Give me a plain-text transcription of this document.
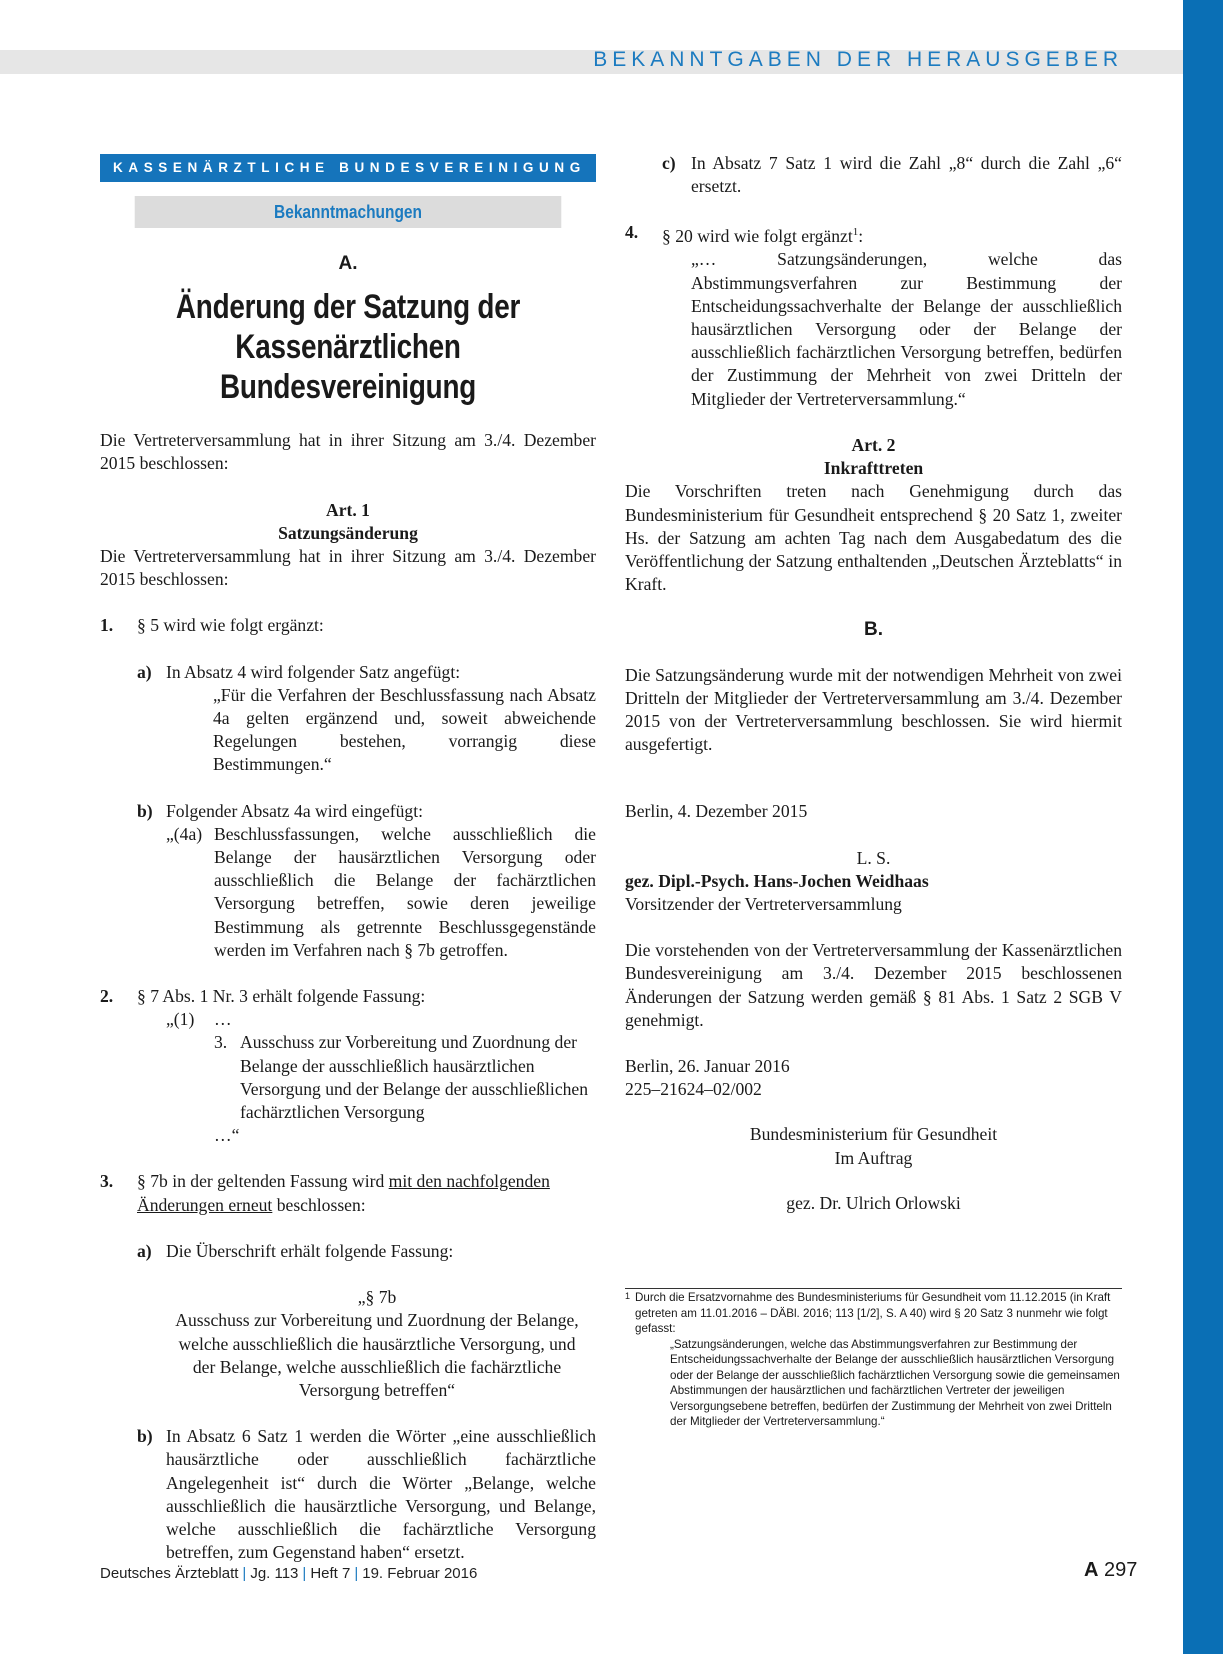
BEKANNTGABEN DER HERAUSGEBER
KASSENÄRZTLICHE BUNDESVEREINIGUNG
Bekanntmachungen
A.
Änderung der Satzung der
Kassenärztlichen Bundesvereinigung
Die Vertreterversammlung hat in ihrer Sitzung am 3./4. Dezember 2015 beschlossen:
Art. 1
Satzungsänderung
Die Vertreterversammlung hat in ihrer Sitzung am 3./4. Dezember 2015 beschlossen:
1.	§ 5 wird wie folgt ergänzt:
a) In Absatz 4 wird folgender Satz angefügt:
„Für die Verfahren der Beschlussfassung nach Absatz 4a gelten ergänzend und, soweit abweichende Regelungen bestehen, vorrangig diese Bestimmungen.“
b) Folgender Absatz 4a wird eingefügt:
„(4a) Beschlussfassungen, welche ausschließlich die Belange der hausärztlichen Versorgung oder ausschließlich die Belange der fachärztlichen Versorgung betreffen, sowie deren jeweilige Bestimmung als getrennte Beschlussgegenstände werden im Verfahren nach § 7b getroffen.
2.	§ 7 Abs. 1 Nr. 3 erhält folgende Fassung:
„(1)	…
3. Ausschuss zur Vorbereitung und Zuordnung der Belange der ausschließlich hausärztlichen Versorgung und der Belange der ausschließlichen fachärztlichen Versorgung
…“
3.	§ 7b in der geltenden Fassung wird mit den nachfolgenden Änderungen erneut beschlossen:
a) Die Überschrift erhält folgende Fassung:
„§ 7b
Ausschuss zur Vorbereitung und Zuordnung der Belange, welche ausschließlich die hausärztliche Versorgung, und der Belange, welche ausschließlich die fachärztliche Versorgung betreffen“
b) In Absatz 6 Satz 1 werden die Wörter „eine ausschließlich hausärztliche oder ausschließlich fachärztliche Angelegenheit ist“ durch die Wörter „Belange, welche ausschließlich die hausärztliche Versorgung, und Belange, welche ausschließlich die fachärztliche Versorgung betreffen, zum Gegenstand haben“ ersetzt.
c) In Absatz 7 Satz 1 wird die Zahl „8“ durch die Zahl „6“ ersetzt.
4.	§ 20 wird wie folgt ergänzt$^1$:
„… Satzungsänderungen, welche das Abstimmungsverfahren zur Bestimmung der Entscheidungssachverhalte der Belange der ausschließlich hausärztlichen Versorgung oder der Belange der ausschließlich fachärztlichen Versorgung betreffen, bedürfen der Zustimmung der Mehrheit von zwei Dritteln der Mitglieder der Vertreterversammlung.“
Art. 2
Inkrafttreten
Die Vorschriften treten nach Genehmigung durch das Bundesministerium für Gesundheit entsprechend § 20 Satz 1, zweiter Hs. der Satzung am achten Tag nach dem Ausgabedatum des die Veröffentlichung der Satzung enthaltenden „Deutschen Ärzteblatts“ in Kraft.
B.
Die Satzungsänderung wurde mit der notwendigen Mehrheit von zwei Dritteln der Mitglieder der Vertreterversammlung am 3./4. Dezember 2015 von der Vertreterversammlung beschlossen. Sie wird hiermit ausgefertigt.
Berlin, 4. Dezember 2015
L. S.
gez. Dipl.-Psych. Hans-Jochen Weidhaas
Vorsitzender der Vertreterversammlung
Die vorstehenden von der Vertreterversammlung der Kassenärztlichen Bundesvereinigung am 3./4. Dezember 2015 beschlossenen Änderungen der Satzung werden gemäß § 81 Abs. 1 Satz 2 SGB V genehmigt.
Berlin, 26. Januar 2016
225–21624–02/002
Bundesministerium für Gesundheit
Im Auftrag
gez. Dr. Ulrich Orlowski
1 Durch die Ersatzvornahme des Bundesministeriums für Gesundheit vom 11.12.2015 (in Kraft getreten am 11.01.2016 – DÄBl. 2016; 113 [1/2], S. A 40) wird § 20 Satz 3 nunmehr wie folgt gefasst:
„Satzungsänderungen, welche das Abstimmungsverfahren zur Bestimmung der Entscheidungssachverhalte der Belange der ausschließlich hausärztlichen Versorgung oder der Belange der ausschließlich fachärztlichen Versorgung sowie die gemeinsamen Abstimmungen der hausärztlichen und fachärztlichen Vertreter der jeweiligen Versorgungsebene betreffen, bedürfen der Zustimmung der Mehrheit von zwei Dritteln der Mitglieder der Vertreterversammlung.“
Deutsches Ärzteblatt | Jg. 113 | Heft 7 | 19. Februar 2016	A 297
